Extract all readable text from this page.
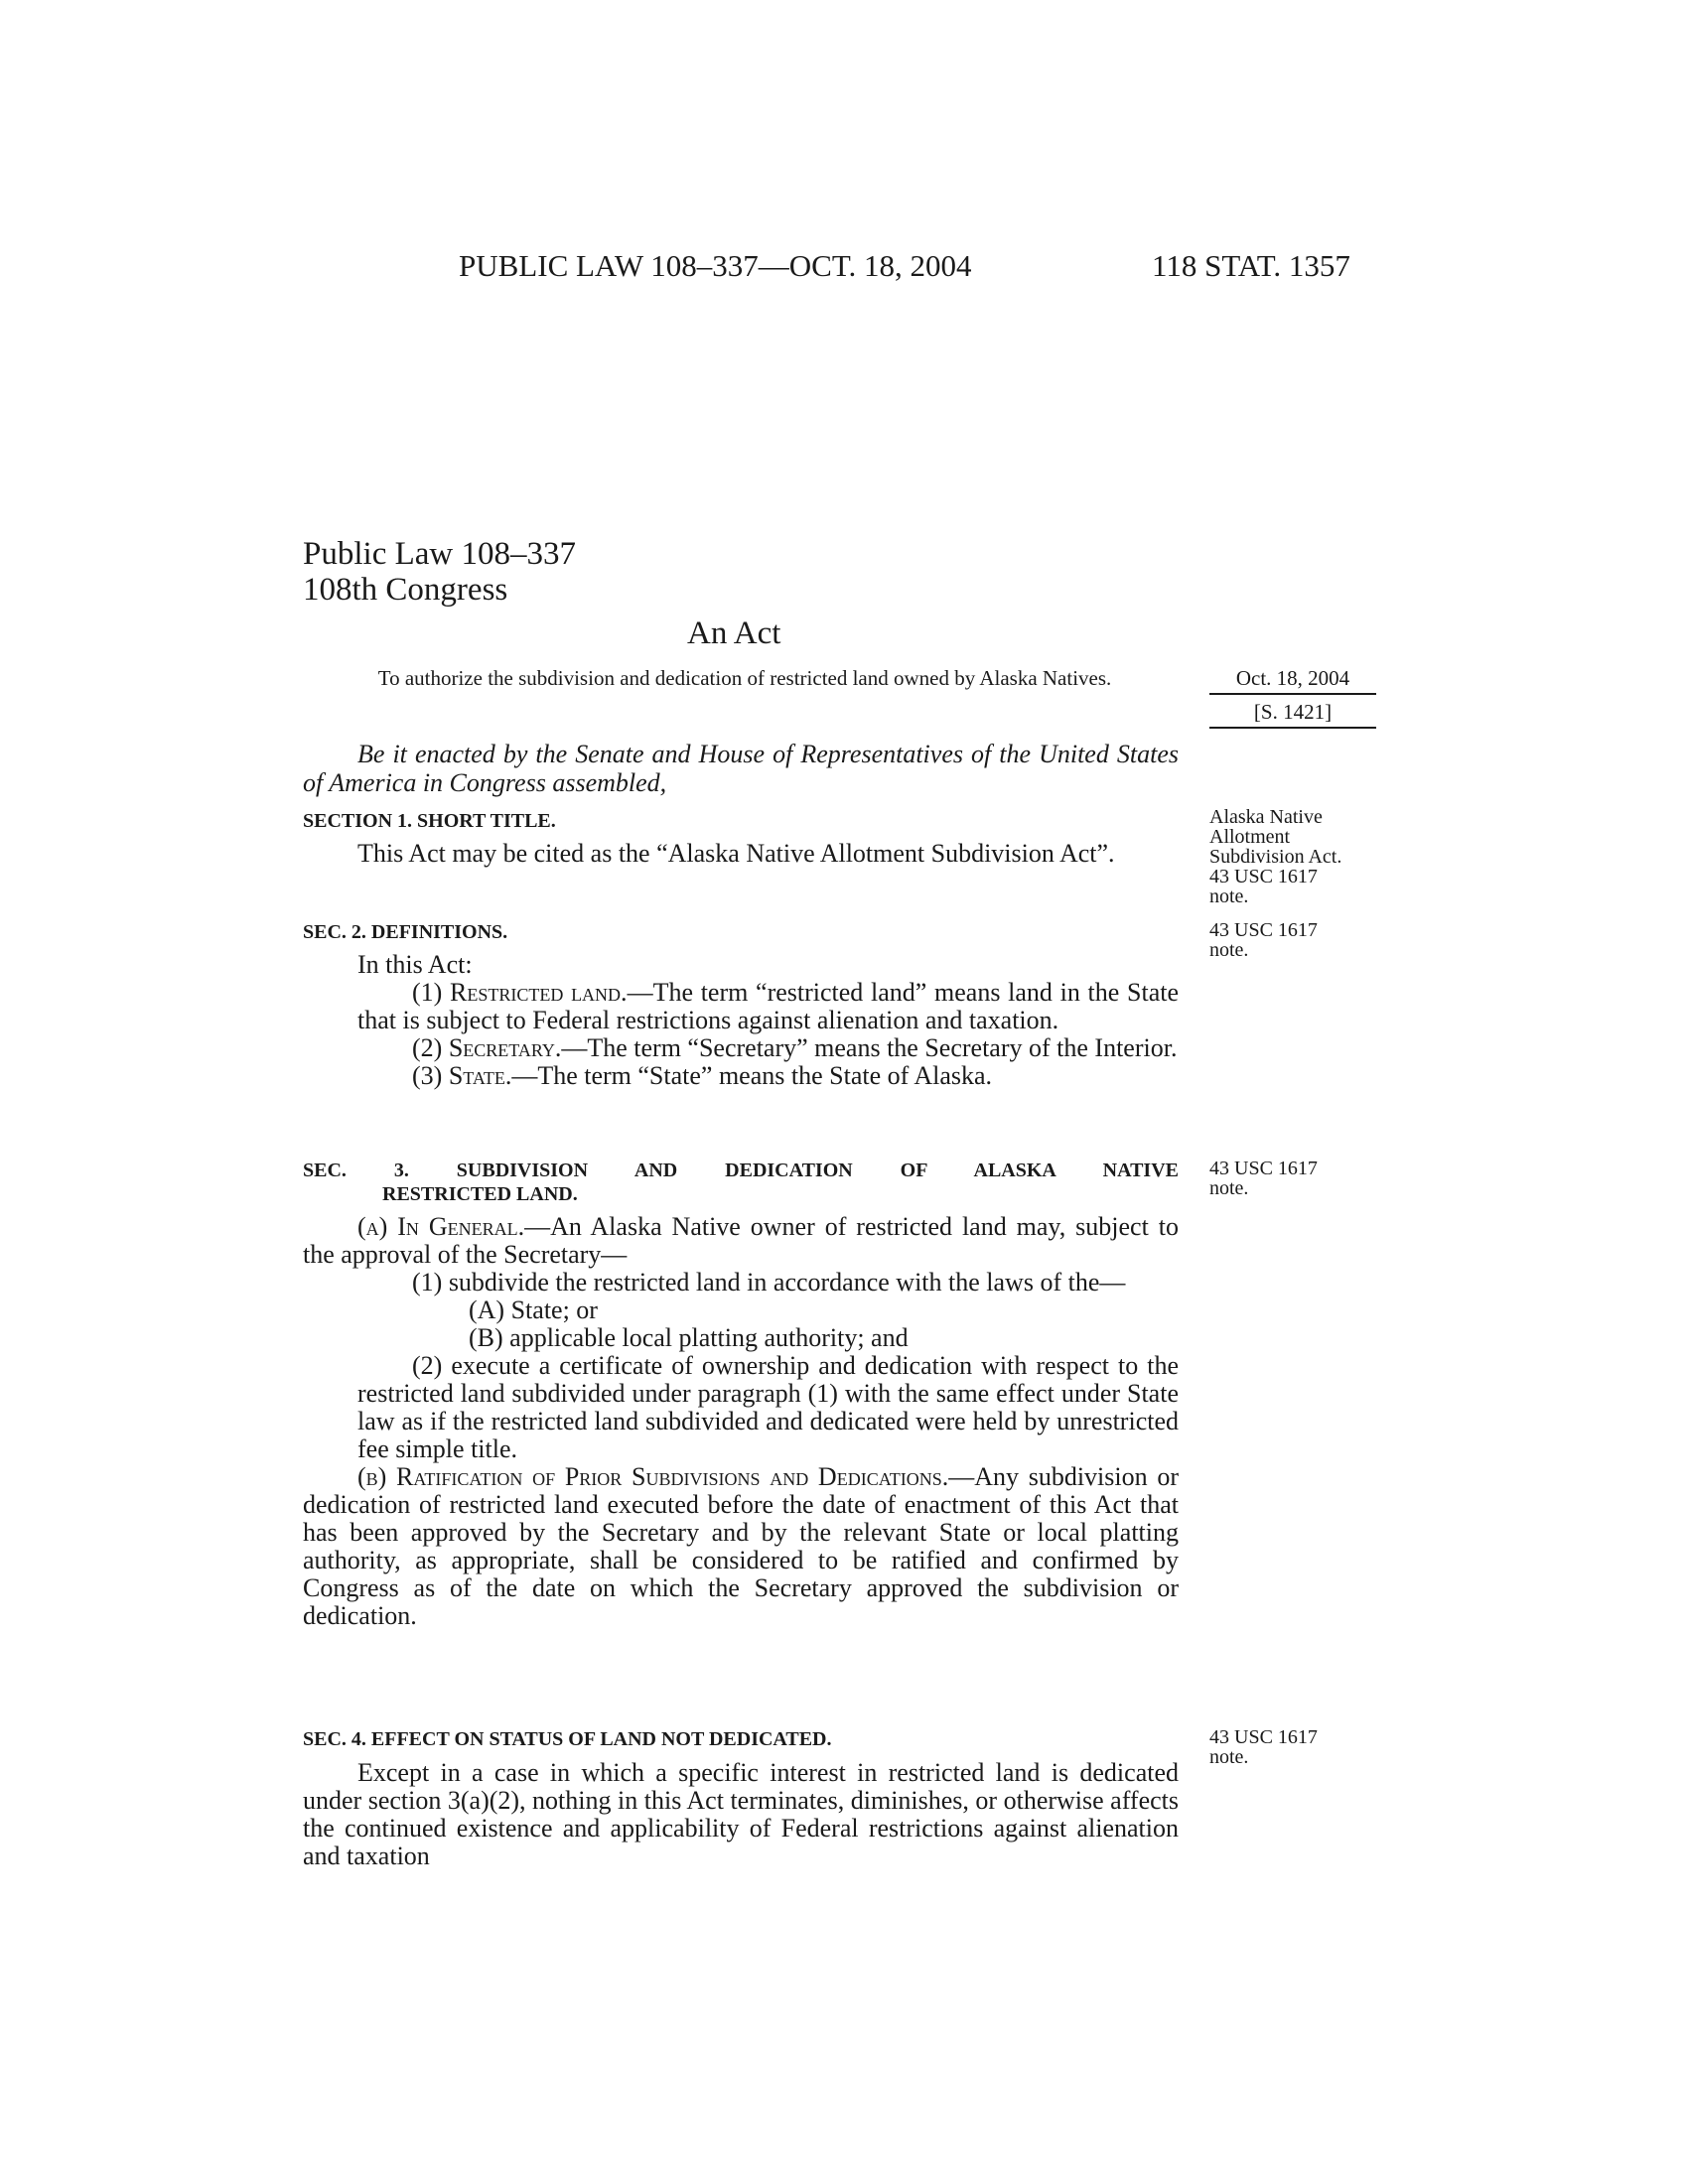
PUBLIC LAW 108–337—OCT. 18, 2004	118 STAT. 1357
Public Law 108–337
108th Congress
An Act
To authorize the subdivision and dedication of restricted land owned by Alaska Natives.	Oct. 18, 2004
[S. 1421]
Be it enacted by the Senate and House of Representatives of the United States of America in Congress assembled,
SECTION 1. SHORT TITLE.

This Act may be cited as the “Alaska Native Allotment Subdivision Act”.

Alaska Native
Allotment
Subdivision Act.
43 USC 1617
note.
SEC. 2. DEFINITIONS.	43 USC 1617
note.

In this Act:

(1) Restricted land.—The term “restricted land” means land in the State that is subject to Federal restrictions against alienation and taxation.

(2) Secretary.—The term “Secretary” means the Secretary of the Interior.

(3) State.—The term “State” means the State of Alaska.

SEC. 3. SUBDIVISION AND DEDICATION OF ALASKA NATIVE
RESTRICTED LAND.
43 USC 1617
note.

(a) In General.—An Alaska Native owner of restricted land may, subject to the approval of the Secretary—

(1) subdivide the restricted land in accordance with the laws of the—

(A) State; or

(B) applicable local platting authority; and

(2) execute a certificate of ownership and dedication with respect to the restricted land subdivided under paragraph (1) with the same effect under State law as if the restricted land subdivided and dedicated were held by unrestricted fee simple title.

(b) Ratification of Prior Subdivisions and Dedications.—Any subdivision or dedication of restricted land executed before the date of enactment of this Act that has been approved by the Secretary and by the relevant State or local platting authority, as appropriate, shall be considered to be ratified and confirmed by Congress as of the date on which the Secretary approved the subdivision or dedication.

SEC. 4. EFFECT ON STATUS OF LAND NOT DEDICATED.	43 USC 1617
note.

Except in a case in which a specific interest in restricted land is dedicated under section 3(a)(2), nothing in this Act terminates, diminishes, or otherwise affects the continued existence and applicability of Federal restrictions against alienation and taxation
